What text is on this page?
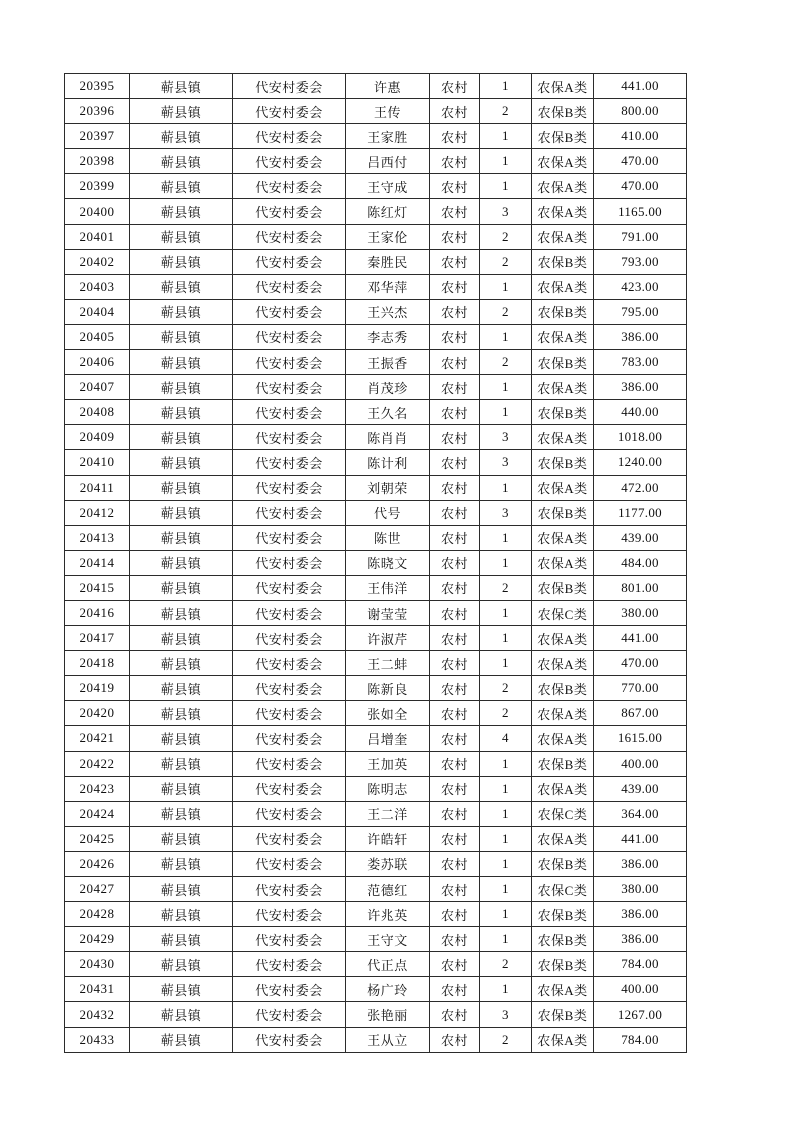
20395	蕲县镇	代安村委会	许惠	农村	1	农保A类	441.00
20396	蕲县镇	代安村委会	王传	农村	2	农保B类	800.00
20397	蕲县镇	代安村委会	王家胜	农村	1	农保B类	410.00
20398	蕲县镇	代安村委会	吕西付	农村	1	农保A类	470.00
20399	蕲县镇	代安村委会	王守成	农村	1	农保A类	470.00
20400	蕲县镇	代安村委会	陈红灯	农村	3	农保A类	1165.00
20401	蕲县镇	代安村委会	王家伦	农村	2	农保A类	791.00
20402	蕲县镇	代安村委会	秦胜民	农村	2	农保B类	793.00
20403	蕲县镇	代安村委会	邓华萍	农村	1	农保A类	423.00
20404	蕲县镇	代安村委会	王兴杰	农村	2	农保B类	795.00
20405	蕲县镇	代安村委会	李志秀	农村	1	农保A类	386.00
20406	蕲县镇	代安村委会	王振香	农村	2	农保B类	783.00
20407	蕲县镇	代安村委会	肖茂珍	农村	1	农保A类	386.00
20408	蕲县镇	代安村委会	王久名	农村	1	农保B类	440.00
20409	蕲县镇	代安村委会	陈肖肖	农村	3	农保A类	1018.00
20410	蕲县镇	代安村委会	陈计利	农村	3	农保B类	1240.00
20411	蕲县镇	代安村委会	刘朝荣	农村	1	农保A类	472.00
20412	蕲县镇	代安村委会	代号	农村	3	农保B类	1177.00
20413	蕲县镇	代安村委会	陈世	农村	1	农保A类	439.00
20414	蕲县镇	代安村委会	陈晓文	农村	1	农保A类	484.00
20415	蕲县镇	代安村委会	王伟洋	农村	2	农保B类	801.00
20416	蕲县镇	代安村委会	谢莹莹	农村	1	农保C类	380.00
20417	蕲县镇	代安村委会	许淑芹	农村	1	农保A类	441.00
20418	蕲县镇	代安村委会	王二蚌	农村	1	农保A类	470.00
20419	蕲县镇	代安村委会	陈新良	农村	2	农保B类	770.00
20420	蕲县镇	代安村委会	张如全	农村	2	农保A类	867.00
20421	蕲县镇	代安村委会	吕增奎	农村	4	农保A类	1615.00
20422	蕲县镇	代安村委会	王加英	农村	1	农保B类	400.00
20423	蕲县镇	代安村委会	陈明志	农村	1	农保A类	439.00
20424	蕲县镇	代安村委会	王二洋	农村	1	农保C类	364.00
20425	蕲县镇	代安村委会	许皓轩	农村	1	农保A类	441.00
20426	蕲县镇	代安村委会	娄苏联	农村	1	农保B类	386.00
20427	蕲县镇	代安村委会	范德红	农村	1	农保C类	380.00
20428	蕲县镇	代安村委会	许兆英	农村	1	农保B类	386.00
20429	蕲县镇	代安村委会	王守文	农村	1	农保B类	386.00
20430	蕲县镇	代安村委会	代正点	农村	2	农保B类	784.00
20431	蕲县镇	代安村委会	杨广玲	农村	1	农保A类	400.00
20432	蕲县镇	代安村委会	张艳丽	农村	3	农保B类	1267.00
20433	蕲县镇	代安村委会	王从立	农村	2	农保A类	784.00
